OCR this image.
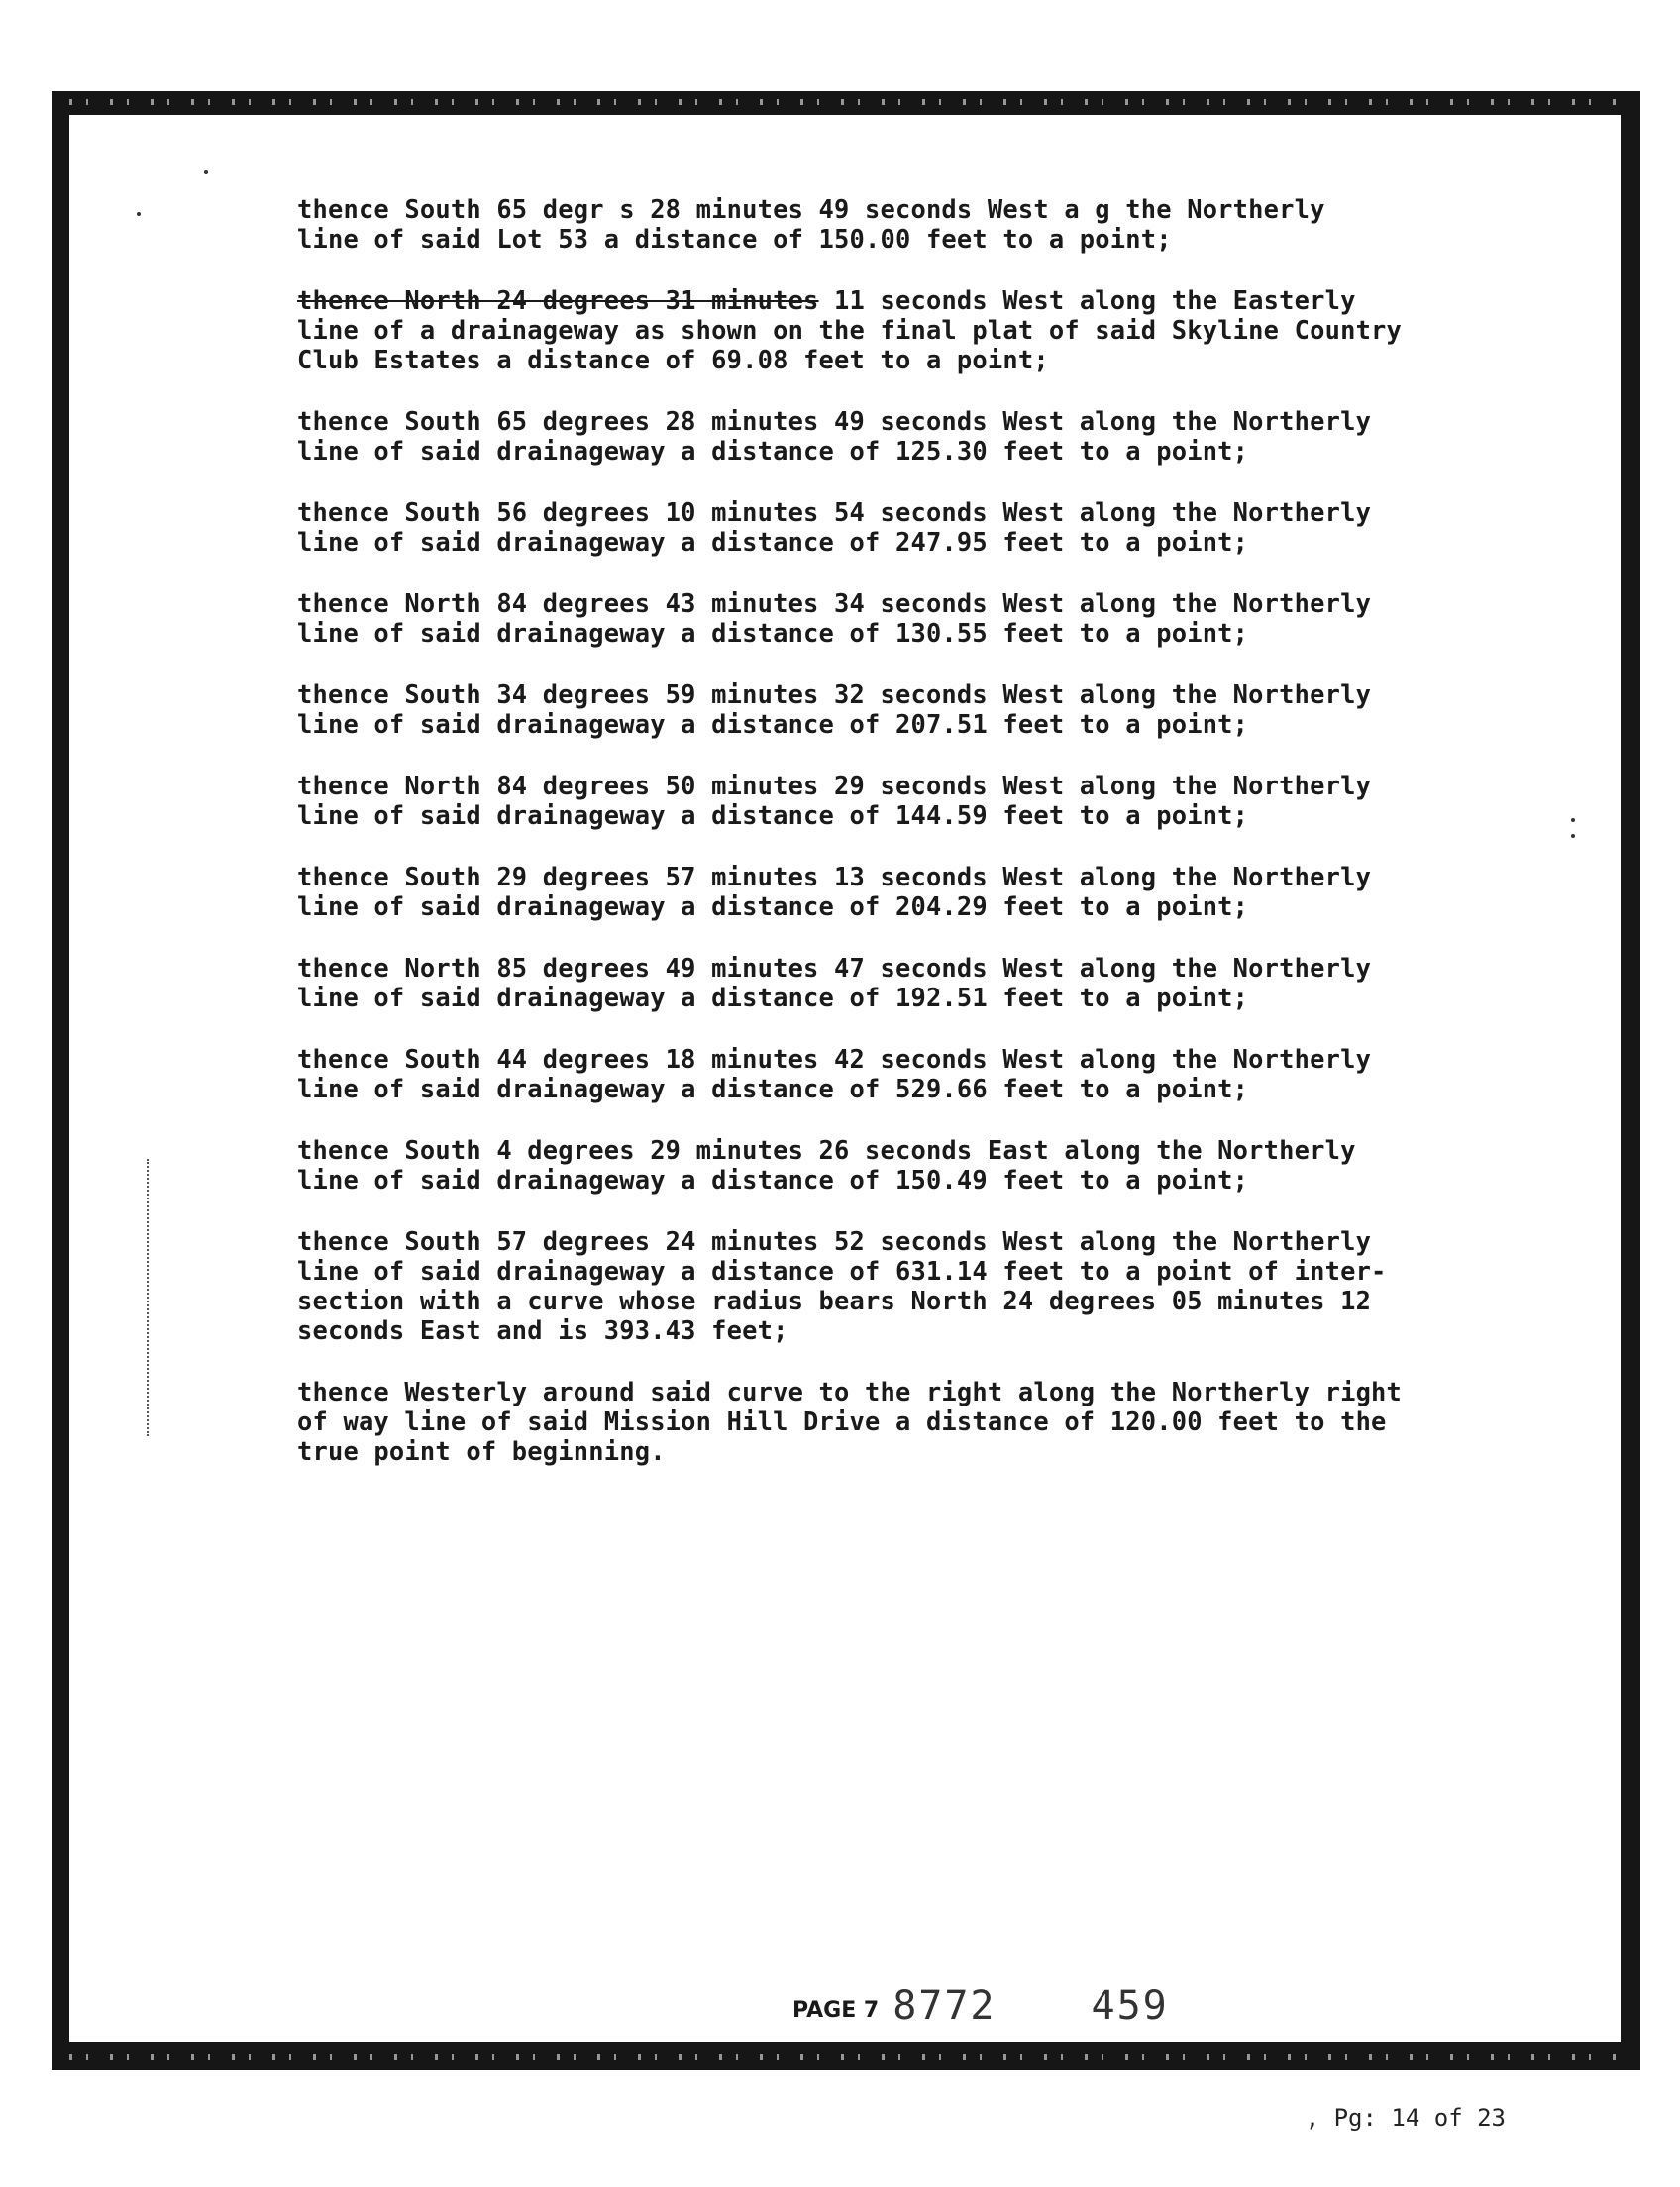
thence South 65 degr s 28 minutes 49 seconds West a g the Northerly
line of said Lot 53 a distance of 150.00 feet to a point;

thence North 24 degrees 31 minutes 11 seconds West along the Easterly
line of a drainageway as shown on the final plat of said Skyline Country
Club Estates a distance of 69.08 feet to a point;

thence South 65 degrees 28 minutes 49 seconds West along the Northerly
line of said drainageway a distance of 125.30 feet to a point;

thence South 56 degrees 10 minutes 54 seconds West along the Northerly
line of said drainageway a distance of 247.95 feet to a point;

thence North 84 degrees 43 minutes 34 seconds West along the Northerly
line of said drainageway a distance of 130.55 feet to a point;

thence South 34 degrees 59 minutes 32 seconds West along the Northerly
line of said drainageway a distance of 207.51 feet to a point;

thence North 84 degrees 50 minutes 29 seconds West along the Northerly
line of said drainageway a distance of 144.59 feet to a point;

thence South 29 degrees 57 minutes 13 seconds West along the Northerly
line of said drainageway a distance of 204.29 feet to a point;

thence North 85 degrees 49 minutes 47 seconds West along the Northerly
line of said drainageway a distance of 192.51 feet to a point;

thence South 44 degrees 18 minutes 42 seconds West along the Northerly
line of said drainageway a distance of 529.66 feet to a point;

thence South 4 degrees 29 minutes 26 seconds East along the Northerly
line of said drainageway a distance of 150.49 feet to a point;

thence South 57 degrees 24 minutes 52 seconds West along the Northerly
line of said drainageway a distance of 631.14 feet to a point of inter-
section with a curve whose radius bears North 24 degrees 05 minutes 12
seconds East and is 393.43 feet;

thence Westerly around said curve to the right along the Northerly right
of way line of said Mission Hill Drive a distance of 120.00 feet to the
true point of beginning.

PAGE 7 8772 459
, Pg: 14 of 23
